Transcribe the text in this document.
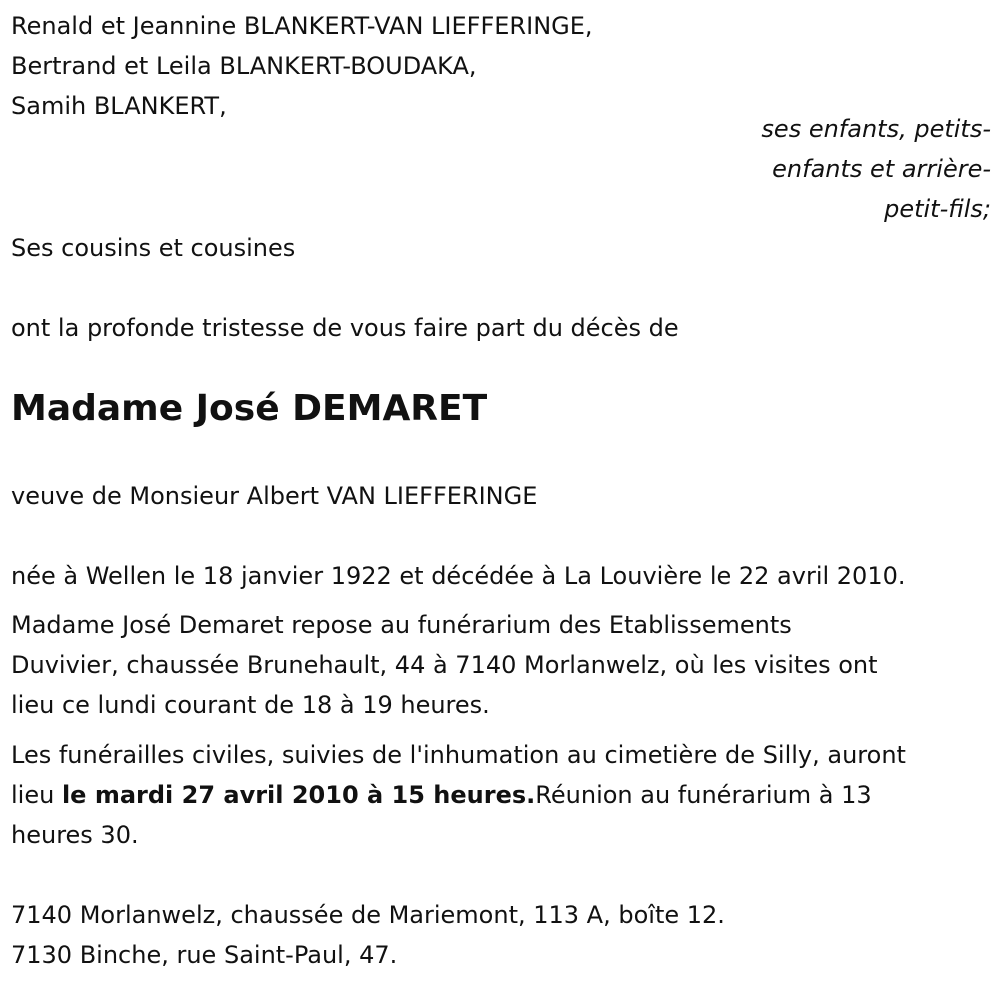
Renald et Jeannine BLANKERT-VAN LIEFFERINGE,
Bertrand et Leila BLANKERT-BOUDAKA,
Samih BLANKERT,
ses enfants, petits-
enfants et arrière-
petit-fils;
Ses cousins et cousines
ont la profonde tristesse de vous faire part du décès de
Madame José DEMARET
veuve de Monsieur Albert VAN LIEFFERINGE
née à Wellen le 18 janvier 1922 et décédée à La Louvière le 22 avril 2010.
Madame José Demaret repose au funérarium des Etablissements
Duvivier, chaussée Brunehault, 44 à 7140 Morlanwelz, où les visites ont
lieu ce lundi courant de 18 à 19 heures.
Les funérailles civiles, suivies de l'inhumation au cimetière de Silly, auront
lieu le mardi 27 avril 2010 à 15 heures.Réunion au funérarium à 13
heures 30.
7140 Morlanwelz, chaussée de Mariemont, 113 A, boîte 12.
7130 Binche, rue Saint-Paul, 47.
